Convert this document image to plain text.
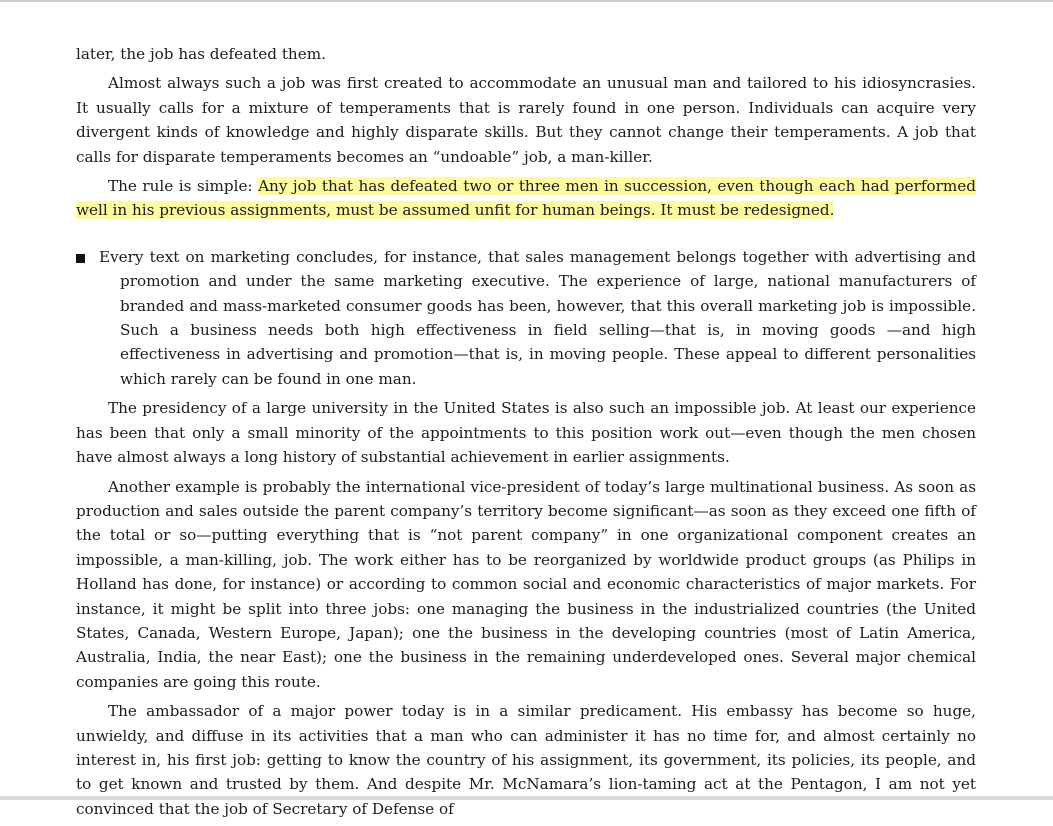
later, the job has defeated them.

Almost always such a job was first created to accommodate an unusual man and tailored to his idiosyncrasies. It usually calls for a mixture of temperaments that is rarely found in one person. Individuals can acquire very divergent kinds of knowledge and highly disparate skills. But they cannot change their temperaments. A job that calls for disparate temperaments becomes an “undoable” job, a man-killer.

The rule is simple: Any job that has defeated two or three men in succession, even though each had performed well in his previous assignments, must be assumed unfit for human beings. It must be redesigned.

Every text on marketing concludes, for instance, that sales management belongs together with advertising and promotion and under the same marketing executive. The experience of large, national manufacturers of branded and mass-marketed consumer goods has been, however, that this overall marketing job is impossible. Such a business needs both high effectiveness in field selling—that is, in moving goods —and high effectiveness in advertising and promotion—that is, in moving people. These appeal to different personalities which rarely can be found in one man.

The presidency of a large university in the United States is also such an impossible job. At least our experience has been that only a small minority of the appointments to this position work out—even though the men chosen have almost always a long history of substantial achievement in earlier assignments.

Another example is probably the international vice-president of today’s large multinational business. As soon as production and sales outside the parent company’s territory become significant—as soon as they exceed one fifth of the total or so—putting everything that is “not parent company” in one organizational component creates an impossible, a man-killing, job. The work either has to be reorganized by worldwide product groups (as Philips in Holland has done, for instance) or according to common social and economic characteristics of major markets. For instance, it might be split into three jobs: one managing the business in the industrialized countries (the United States, Canada, Western Europe, Japan); one the business in the developing countries (most of Latin America, Australia, India, the near East); one the business in the remaining underdeveloped ones. Several major chemical companies are going this route.

The ambassador of a major power today is in a similar predicament. His embassy has become so huge, unwieldy, and diffuse in its activities that a man who can administer it has no time for, and almost certainly no interest in, his first job: getting to know the country of his assignment, its government, its policies, its people, and to get known and trusted by them. And despite Mr. McNamara’s lion-taming act at the Pentagon, I am not yet convinced that the job of Secretary of Defense of
